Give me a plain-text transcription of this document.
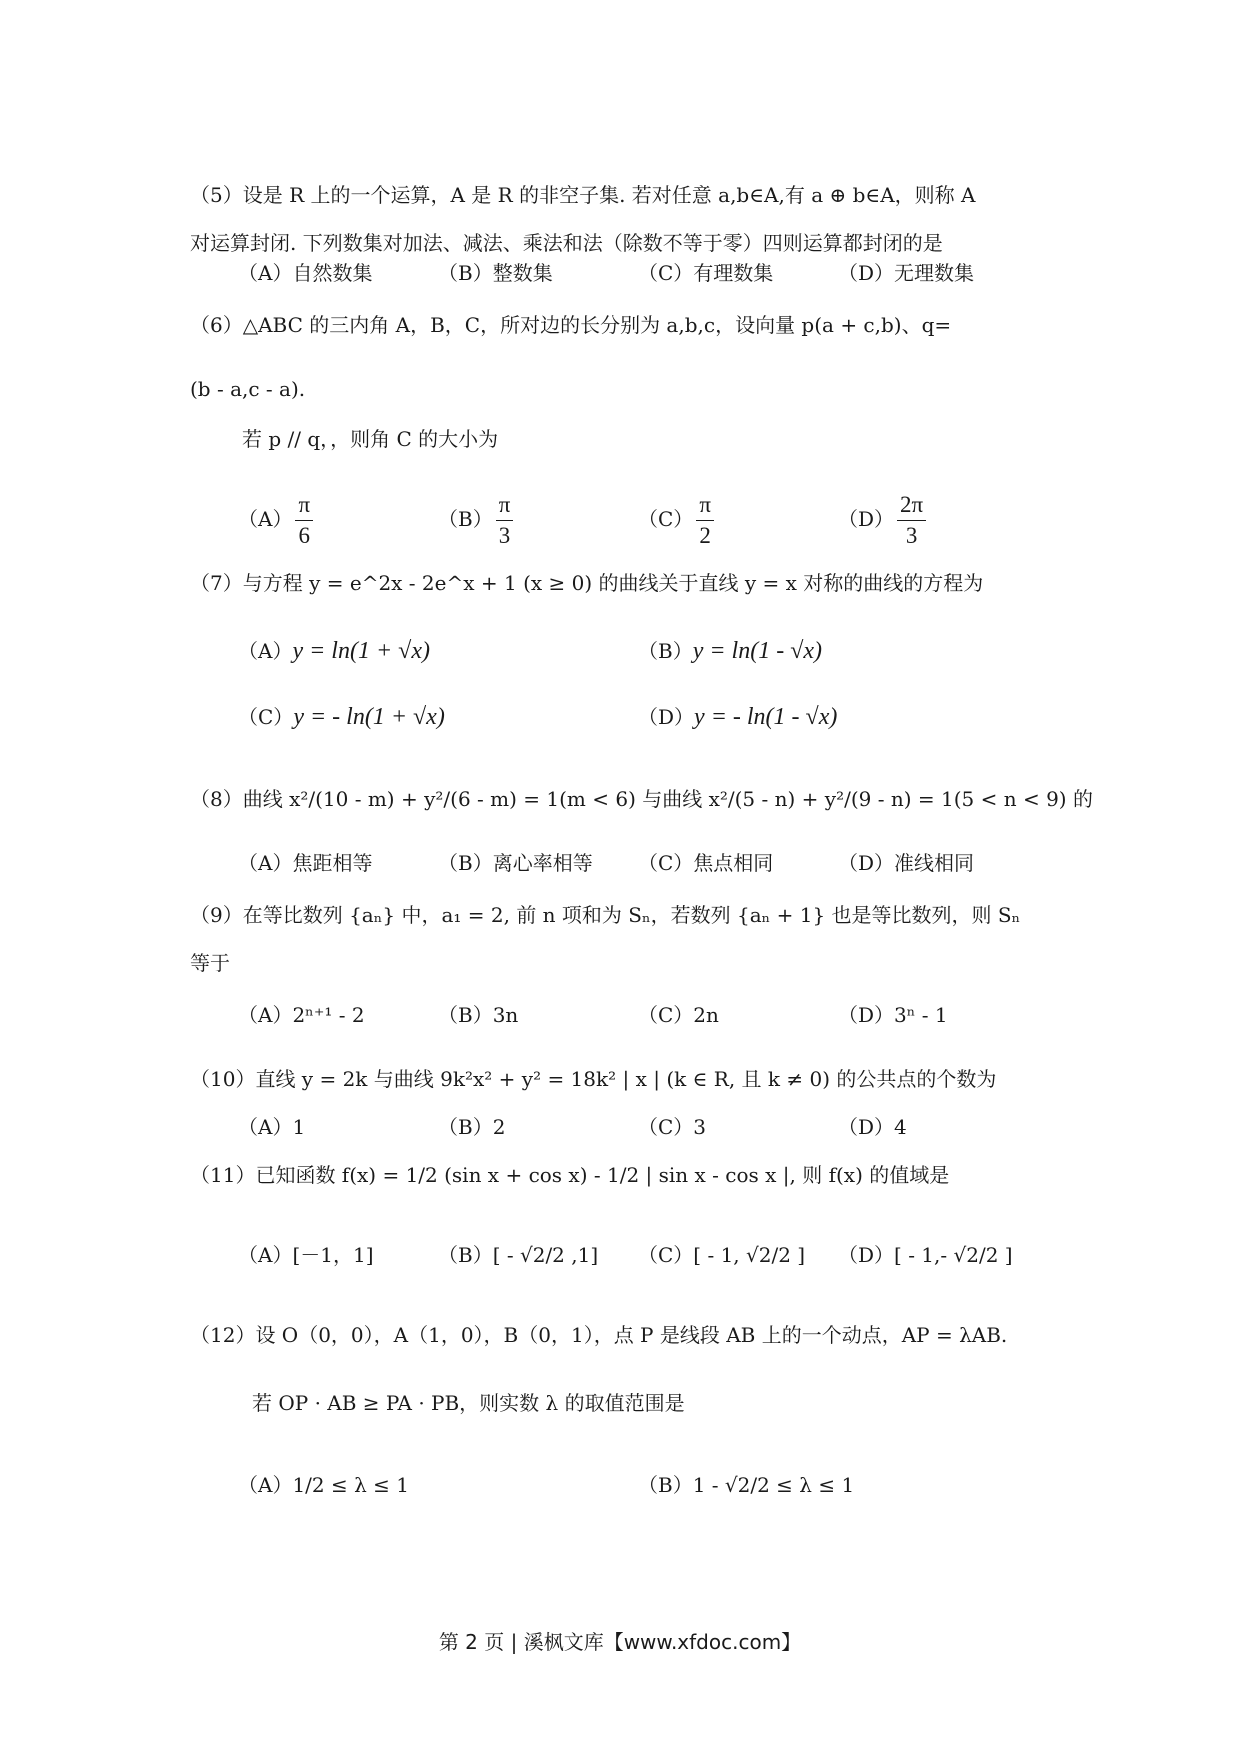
（5）设是 R 上的一个运算，A 是 R 的非空子集. 若对任意 a,b∈A,有 a ⊕ b∈A，则称 A
对运算封闭. 下列数集对加法、减法、乘法和法（除数不等于零）四则运算都封闭的是
（A）自然数集	（B）整数集	（C）有理数集	（D）无理数集
（6）△ABC 的三内角 A，B，C，所对边的长分别为 a,b,c，设向量 p(a + c,b)、q=
(b - a,c - a).
若 p // q，，则角 C 的大小为
$(A) \frac{\pi}{6}$	$(B) \frac{\pi}{3}$	$(C) \frac{\pi}{2}$	$(D) \frac{2\pi}{3}$
（7）与方程 y = e^2x - 2e^x + 1 (x ≥ 0) 的曲线关于直线 y = x 对称的曲线的方程为
（A）y = ln(1 + √x)	（B）y = ln(1 - √x)
（C）y = - ln(1 + √x)	（D）y = - ln(1 - √x)
（8）曲线 x²/(10 - m) + y²/(6 - m) = 1(m < 6) 与曲线 x²/(5 - n) + y²/(9 - n) = 1(5 < n < 9) 的
（A）焦距相等	（B）离心率相等 （C）焦点相同	（D）准线相同
（9）在等比数列 {aₙ} 中，a₁ = 2, 前 n 项和为 Sₙ，若数列 {aₙ + 1} 也是等比数列，则 Sₙ
等于
（A）2ⁿ⁺¹ - 2	（B）3n	（C）2n	（D）3ⁿ - 1
（10）直线 y = 2k 与曲线 9k²x² + y² = 18k² | x | (k ∈ R, 且 k ≠ 0) 的公共点的个数为
（A）1	（B）2	（C）3	（D）4
（11）已知函数 f(x) = 1/2 (sin x + cos x) - 1/2 | sin x - cos x |, 则 f(x) 的值域是
（A）[－1，1]	（B）[ - √2/2 ,1] （C）[ - 1, √2/2 ] （D）[ - 1,- √2/2 ]
（12）设 O（0，0），A（1，0），B（0，1），点 P 是线段 AB 上的一个动点，AP = λAB.
若 OP · AB ≥ PA · PB，则实数 λ 的取值范围是
（A）1/2 ≤ λ ≤ 1	（B）1 - √2/2 ≤ λ ≤ 1
第 2 页 | 溪枫文库【www.xfdoc.com】
